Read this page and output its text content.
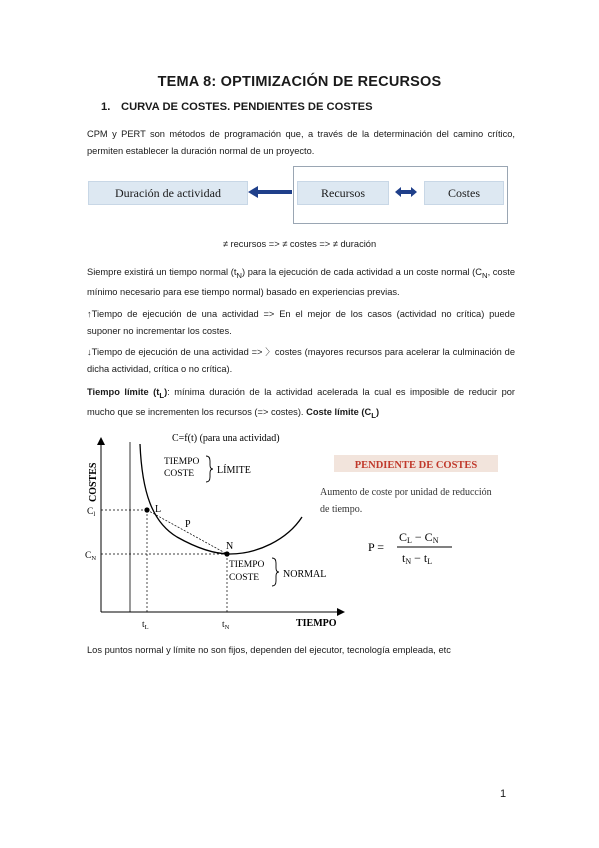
TEMA 8: OPTIMIZACIÓN DE RECURSOS
1. CURVA DE COSTES. PENDIENTES DE COSTES
CPM y PERT son métodos de programación que, a través de la determinación del camino crítico, permiten establecer la duración normal de un proyecto.
Duración de actividad	Recursos	Costes
≠ recursos => ≠ costes => ≠ duración
Siempre existirá un tiempo normal $(t_N)$ para la ejecución de cada actividad a un coste normal ($C_N$, coste mínimo necesario para ese tiempo normal) basado en experiencias previas.
↑Tiempo de ejecución de una actividad => En el mejor de los casos (actividad no crítica) puede suponer no incrementar los costes.
↓Tiempo de ejecución de una actividad => 〉costes (mayores recursos para acelerar la culminación de dicha actividad, crítica o no crítica).
Tiempo límite $(t_L)$: mínima duración de la actividad acelerada la cual es imposible de reducir por mucho que se incrementen los recursos (=> costes). Coste límite $(C_L)$
C=f(t) (para una actividad)
COSTES
TIEMPO
L
P
N
$C_l$
$C_N$
$t_L$	$t_N$
TIEMPO
COSTE LÍMITE
TIEMPO
COSTE NORMAL
PENDIENTE DE COSTES
Aumento de coste por unidad de reducción
de tiempo.
P =
CL − CN
tN − tL
Los puntos normal y límite no son fijos, dependen del ejecutor, tecnología empleada, etc
1
